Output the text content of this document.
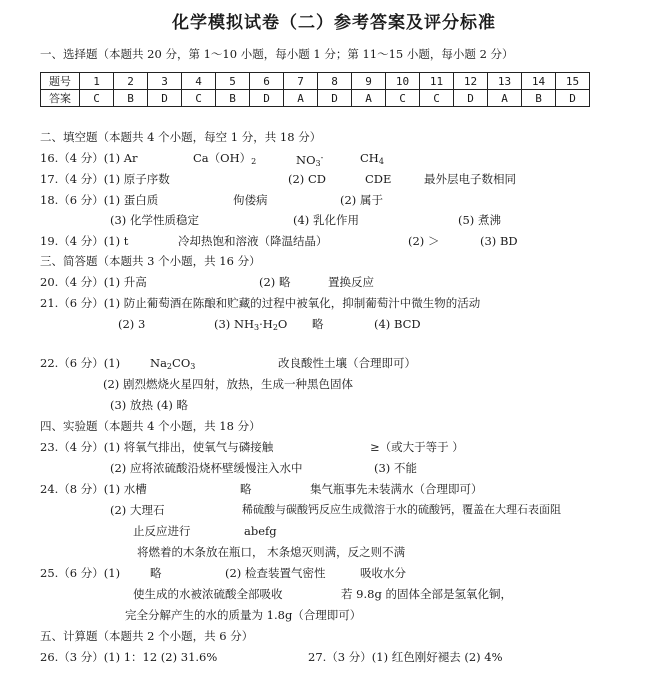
化学模拟试卷（二）参考答案及评分标准
一、选择题（本题共 20 分，第 1～10 小题，每小题 1 分；第 11～15 小题，每小题 2 分）
题号	1	2	3	4	5	6	7	8	9	10	11	12	13	14	15
答案	C	B	D	C	B	D	A	D	A	C	C	D	A	B	D
二、填空题（本题共 4 个小题，每空 1 分，共 18 分）
16.（4 分）(1) Ar	$Ca(OH)_2$	$NO_3^-$	$CH_4$
17.（4 分）(1) 原子序数	(2) CD	CDE	最外层电子数相同
18.（6 分）(1) 蛋白质	佝偻病	(2) 属于
(3) 化学性质稳定	(4) 乳化作用	(5) 煮沸
19.（4 分）(1) t	冷却热饱和溶液（降温结晶）	(2) ＞	(3) BD
三、简答题（本题共 3 个小题，共 16 分）
20.（4 分）(1) 升高	(2) 略	置换反应
21.（6 分）(1) 防止葡萄酒在陈酿和贮藏的过程中被氧化，抑制葡萄汁中微生物的活动
(2) 3	(3) $NH_3\cdot H_2O$ 略	(4) BCD
22.（6 分）(1)	$Na_2CO_3$	改良酸性土壤（合理即可）
(2) 剧烈燃烧火星四射，放热，生成一种黑色固体
(3) 放热 (4) 略
四、实验题（本题共 4 个小题，共 18 分）
23.（4 分）(1) 将氧气排出，使氧气与磷接触	≥（或大于等于 ）
(2) 应将浓硫酸沿烧杯壁缓慢注入水中	(3) 不能
24.（8 分）(1) 水槽	略	集气瓶事先未装满水（合理即可）
(2) 大理石	稀硫酸与碳酸钙反应生成微溶于水的硫酸钙，覆盖在大理石表面阻
止反应进行	abefg
将燃着的木条放在瓶口， 木条熄灭则满，反之则不满
25.（6 分）(1)	略	(2) 检查装置气密性	吸收水分
使生成的水被浓硫酸全部吸收	若 9.8g 的固体全部是氢氧化铜，
完全分解产生的水的质量为 1.8g（合理即可）
五、计算题（本题共 2 个小题，共 6 分）
26.（3 分）(1) 1：12 (2) 31.6%	27.（3 分）(1) 红色刚好褪去 (2) 4%
